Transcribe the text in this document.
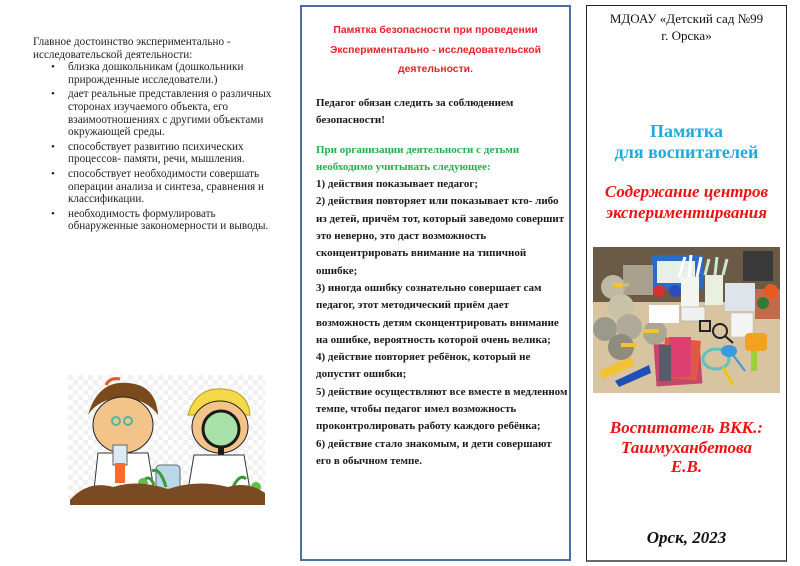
Главное достоинство экспериментально - исследовательской деятельности:

• близка дошкольникам (дошкольники прирожденные исследователи.)
• дает реальные представления о различных сторонах изучаемого объекта, его взаимоотношениях с другими объектами окружающей среды.
• способствует развитию психических процессов- памяти, речи, мышления.
• способствует необходимости совершать операции анализа и синтеза, сравнения и классификации.
• необходимость формулировать обнаруженные закономерности и выводы.
Памятка безопасности при проведении
Экспериментально - исследовательской
деятельности.

Педагог обязан следить за соблюдением безопасности!

При организации деятельности с детьми необходимо учитывать следующее:

1) действия показывает педагог;

2) действия повторяет или показывает кто- либо из детей, причём тот, который заведомо совершит это неверно, это даст возможность сконцентрировать внимание на типичной ошибке;

3) иногда ошибку сознательно совершает сам педагог, этот методический приём дает возможность детям сконцентрировать внимание на ошибке, вероятность которой очень велика;

4) действие повторяет ребёнок, который не допустит ошибки;

5) действие осуществляют все вместе в медленном темпе, чтобы педагог имел возможность проконтролировать работу каждого ребёнка;

6) действие стало знакомым, и дети совершают его в обычном темпе.

МДОАУ «Детский сад №99
г. Орска»
Памятка
для воспитателей
Содержание центров
экспериментирвания
Воспитатель ВКК.:
Ташмуханбетова
Е.В.
Орск, 2023
